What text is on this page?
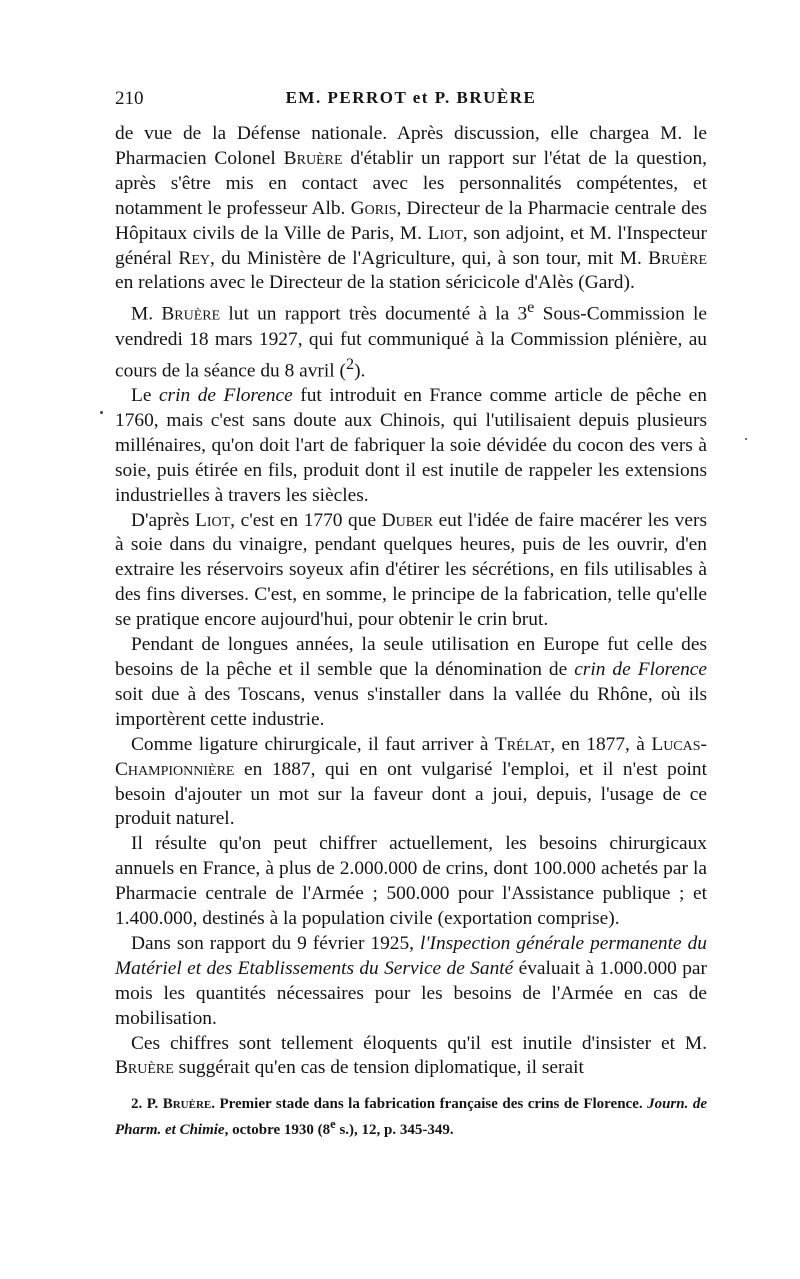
210	EM. PERROT et P. BRUÈRE

de vue de la Défense nationale. Après discussion, elle chargea M. le Pharmacien Colonel Bruère d'établir un rapport sur l'état de la question, après s'être mis en contact avec les personnalités compétentes, et notamment le professeur Alb. Goris, Directeur de la Pharmacie centrale des Hôpitaux civils de la Ville de Paris, M. Liot, son adjoint, et M. l'Inspecteur général Rey, du Ministère de l'Agriculture, qui, à son tour, mit M. Bruère en relations avec le Directeur de la station séricicole d'Alès (Gard).

M. Bruère lut un rapport très documenté à la 3e Sous-Commission le vendredi 18 mars 1927, qui fut communiqué à la Commission plénière, au cours de la séance du 8 avril ($^2$).

Le crin de Florence fut introduit en France comme article de pêche en 1760, mais c'est sans doute aux Chinois, qui l'utilisaient depuis plusieurs millénaires, qu'on doit l'art de fabriquer la soie dévidée du cocon des vers à soie, puis étirée en fils, produit dont il est inutile de rappeler les extensions industrielles à travers les siècles.

D'après Liot, c'est en 1770 que Duber eut l'idée de faire macérer les vers à soie dans du vinaigre, pendant quelques heures, puis de les ouvrir, d'en extraire les réservoirs soyeux afin d'étirer les sécrétions, en fils utilisables à des fins diverses. C'est, en somme, le principe de la fabrication, telle qu'elle se pratique encore aujourd'hui, pour obtenir le crin brut.

Pendant de longues années, la seule utilisation en Europe fut celle des besoins de la pêche et il semble que la dénomination de crin de Florence soit due à des Toscans, venus s'installer dans la vallée du Rhône, où ils importèrent cette industrie.

Comme ligature chirurgicale, il faut arriver à Trélat, en 1877, à Lucas-Championnière en 1887, qui en ont vulgarisé l'emploi, et il n'est point besoin d'ajouter un mot sur la faveur dont a joui, depuis, l'usage de ce produit naturel.

Il résulte qu'on peut chiffrer actuellement, les besoins chirurgicaux annuels en France, à plus de 2.000.000 de crins, dont 100.000 achetés par la Pharmacie centrale de l'Armée ; 500.000 pour l'Assistance publique ; et 1.400.000, destinés à la population civile (exportation comprise).

Dans son rapport du 9 février 1925, l'Inspection générale permanente du Matériel et des Etablissements du Service de Santé évaluait à 1.000.000 par mois les quantités nécessaires pour les besoins de l'Armée en cas de mobilisation.

Ces chiffres sont tellement éloquents qu'il est inutile d'insister et M. Bruère suggérait qu'en cas de tension diplomatique, il serait

2. P. Bruère. Premier stade dans la fabrication française des crins de Florence. Journ. de Pharm. et Chimie, octobre 1930 (8e s.), 12, p. 345-349.
